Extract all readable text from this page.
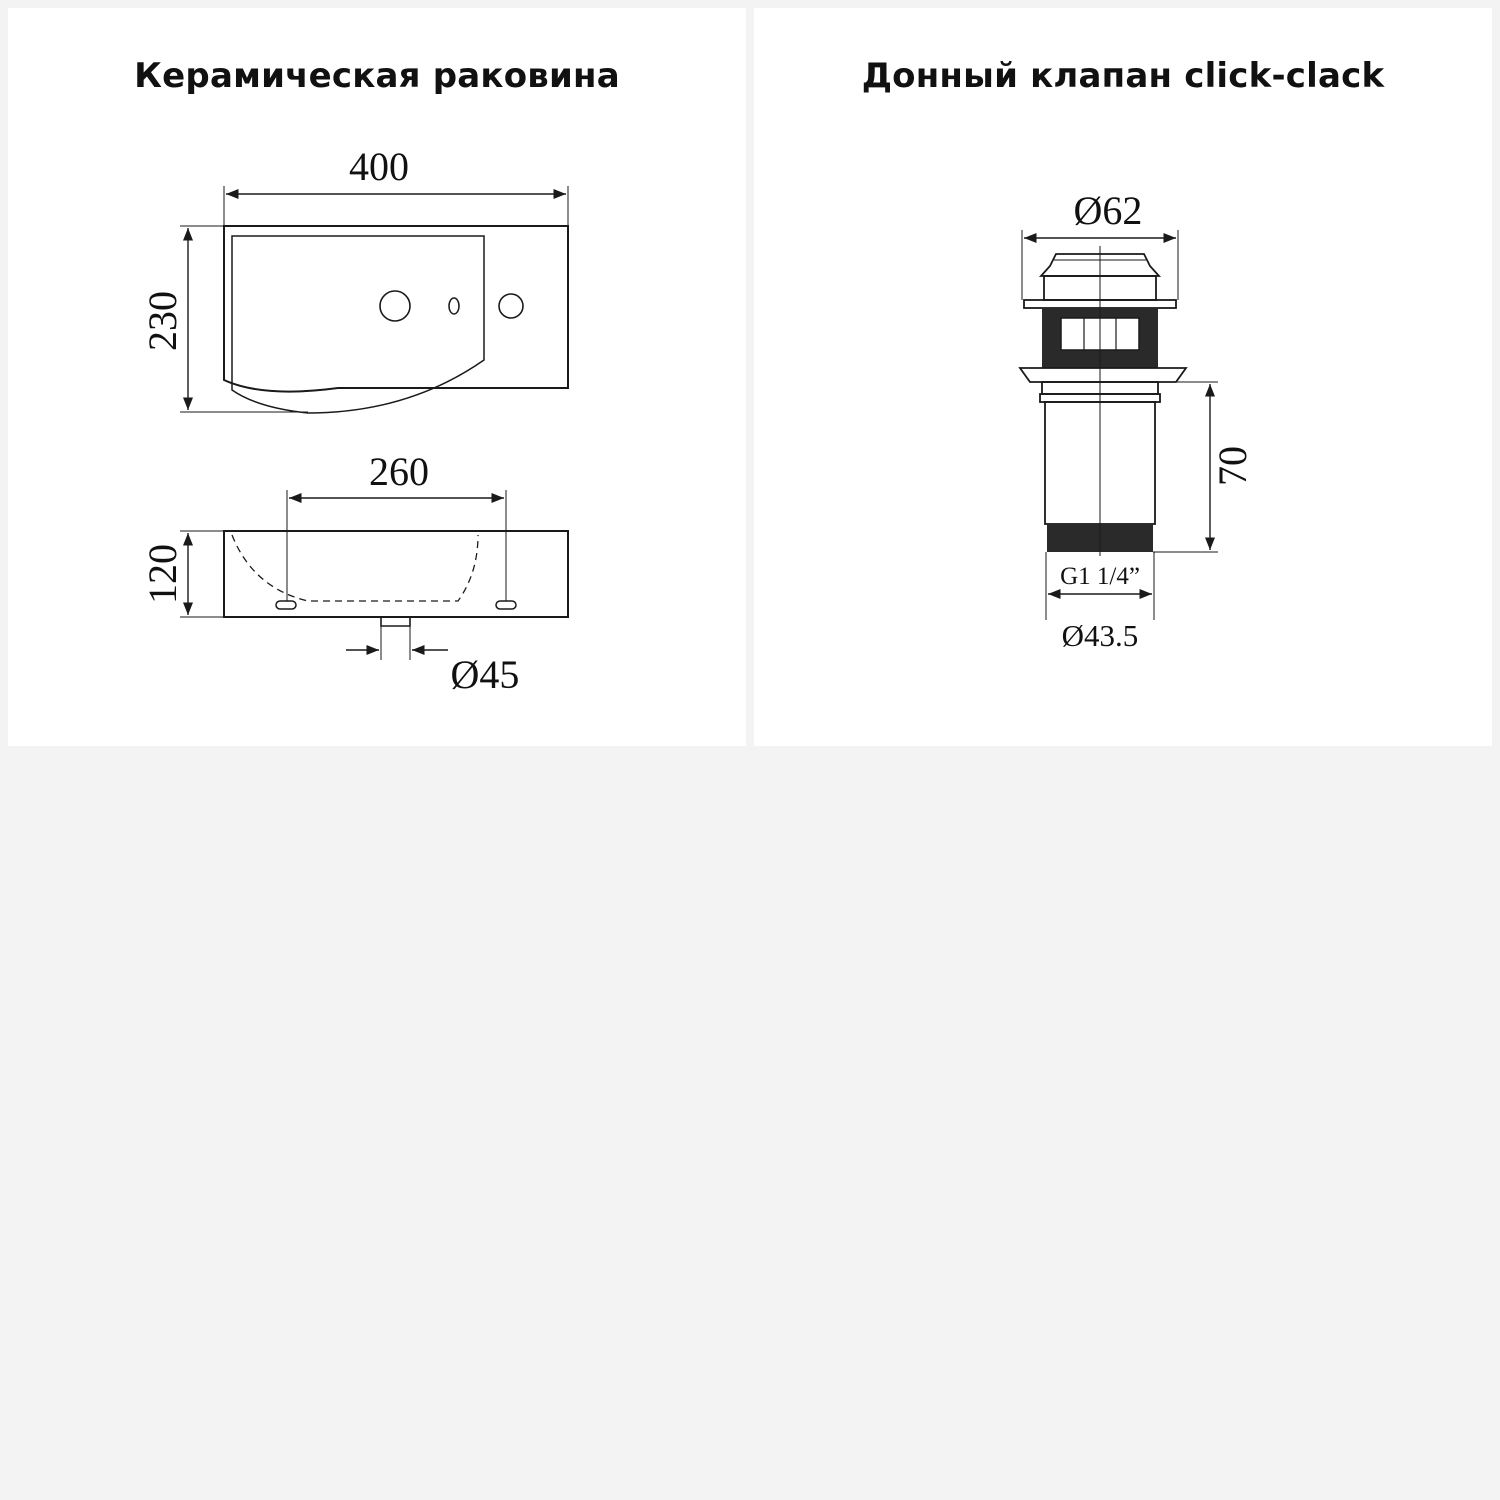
Керамическая раковина
400
230
260
120
Ø45
Донный клапан click-clack
Ø62
70
G1 1/4”
Ø43.5
